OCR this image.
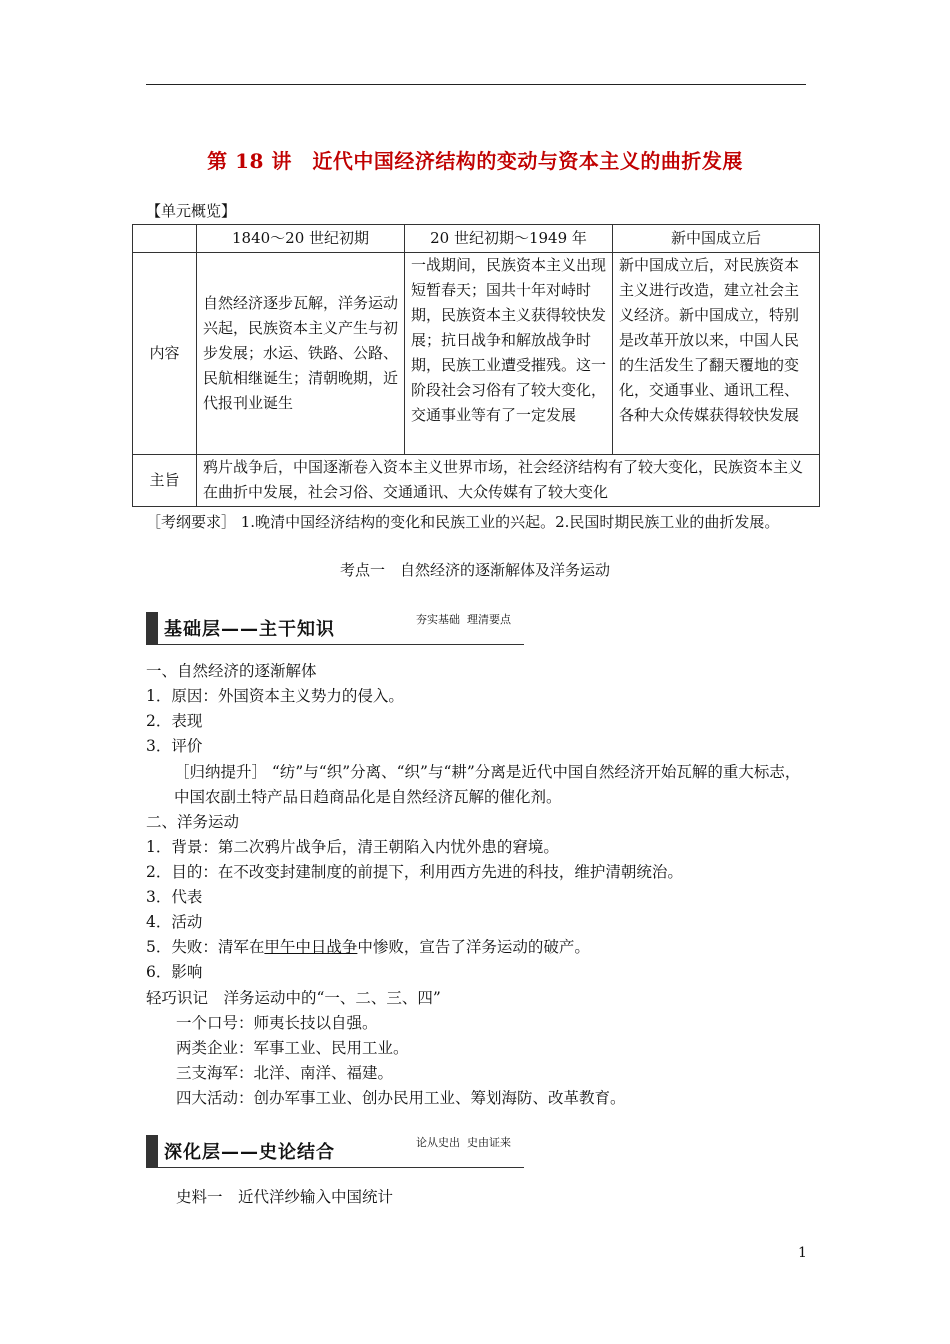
第 18 讲　近代中国经济结构的变动与资本主义的曲折发展
【单元概览】
	1840～20 世纪初期	20 世纪初期～1949 年	新中国成立后
内容	自然经济逐步瓦解，洋务运动兴起，民族资本主义产生与初步发展；水运、铁路、公路、民航相继诞生；清朝晚期，近代报刊业诞生	一战期间，民族资本主义出现短暂春天；国共十年对峙时期，民族资本主义获得较快发展；抗日战争和解放战争时期，民族工业遭受摧残。这一阶段社会习俗有了较大变化，交通事业等有了一定发展	新中国成立后，对民族资本主义进行改造，建立社会主义经济。新中国成立，特别是改革开放以来，中国人民的生活发生了翻天覆地的变化，交通事业、通讯工程、各种大众传媒获得较快发展
主旨	鸦片战争后，中国逐渐卷入资本主义世界市场，社会经济结构有了较大变化，民族资本主义在曲折中发展，社会习俗、交通通讯、大众传媒有了较大变化		
［考纲要求］ 1.晚清中国经济结构的变化和民族工业的兴起。2.民国时期民族工业的曲折发展。
考点一　自然经济的逐渐解体及洋务运动
基础层——主干知识	夯实基础  理清要点
一、自然经济的逐渐解体
1．原因：外国资本主义势力的侵入。
2．表现
3．评价
［归纳提升］ “纺”与“织”分离、“织”与“耕”分离是近代中国自然经济开始瓦解的重大标志，中国农副土特产品日趋商品化是自然经济瓦解的催化剂。
二、洋务运动
1．背景：第二次鸦片战争后，清王朝陷入内忧外患的窘境。
2．目的：在不改变封建制度的前提下，利用西方先进的科技，维护清朝统治。
3．代表
4．活动
5．失败：清军在甲午中日战争中惨败，宣告了洋务运动的破产。
6．影响
轻巧识记　洋务运动中的“一、二、三、四”
一个口号：师夷长技以自强。
两类企业：军事工业、民用工业。
三支海军：北洋、南洋、福建。
四大活动：创办军事工业、创办民用工业、筹划海防、改革教育。
深化层——史论结合	论从史出  史由证来
史料一　近代洋纱输入中国统计
1
